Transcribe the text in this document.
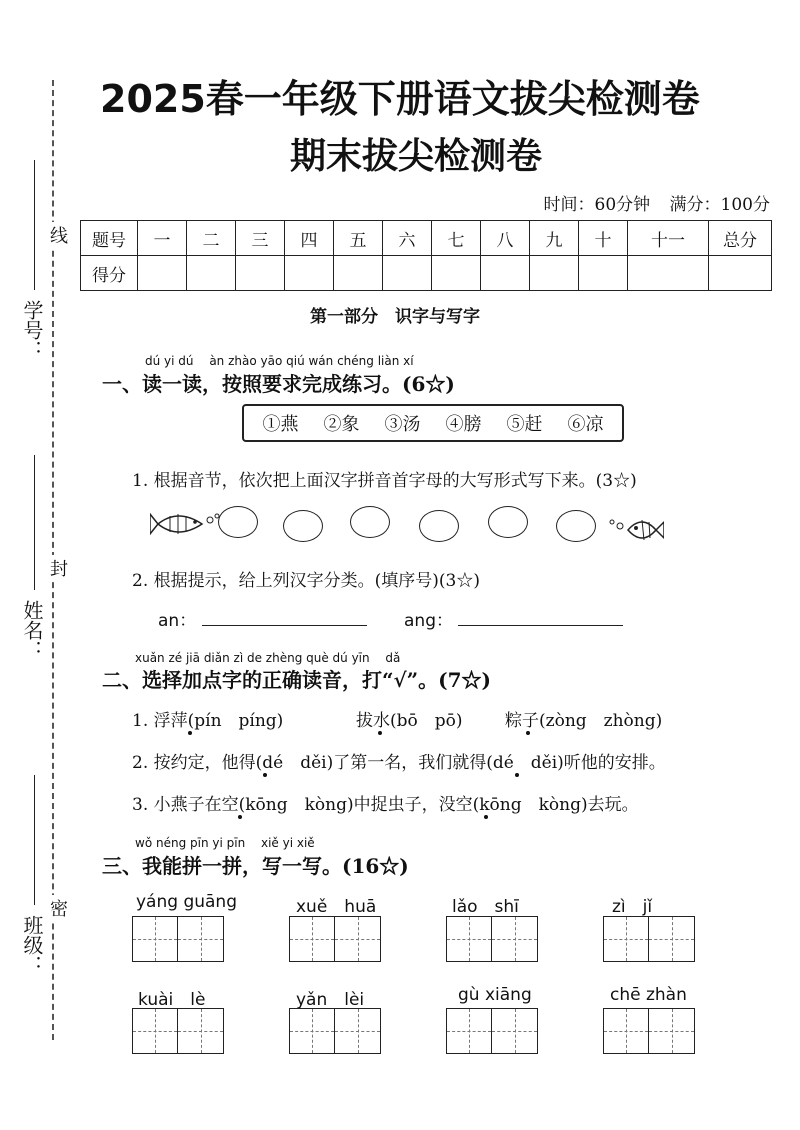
学号：
姓名：
班级：
线
封
密
2025春一年级下册语文拔尖检测卷
期末拔尖检测卷
时间：60分钟 满分：100分
题号	一	二	三	四	五	六	七	八	九	十	十一	总分
得分												
第一部分　识字与写字
dú yi dú　 àn zhào yāo qiú wán chéng liàn xí
一、读一读，按照要求完成练习。(6☆)
①燕 ②象 ③汤 ④膀 ⑤赶 ⑥凉
1. 根据音节，依次把上面汉字拼音首字母的大写形式写下来。(3☆)
2. 根据提示，给上列汉字分类。(填序号)(3☆)
an：	ang：
xuǎn zé jiā diǎn zì de zhèng què dú yīn　 dǎ
二、选择加点字的正确读音，打“√”。(7☆)
1. 浮萍(pín　píng)	拔水(bō　pō)	粽子(zòng　zhòng)
2. 按约定，他得(dé　děi)了第一名，我们就得(dé　děi)听他的安排。
3. 小燕子在空(kōng　kòng)中捉虫子，没空(kōng　kòng)去玩。
wǒ néng pīn yi pīn　 xiě yi xiě
三、我能拼一拼，写一写。(16☆)
yáng guāng	xuě　huā	lǎo　shī	zì　jǐ
kuài　lè	yǎn　lèi	gù xiāng	chē zhàn
